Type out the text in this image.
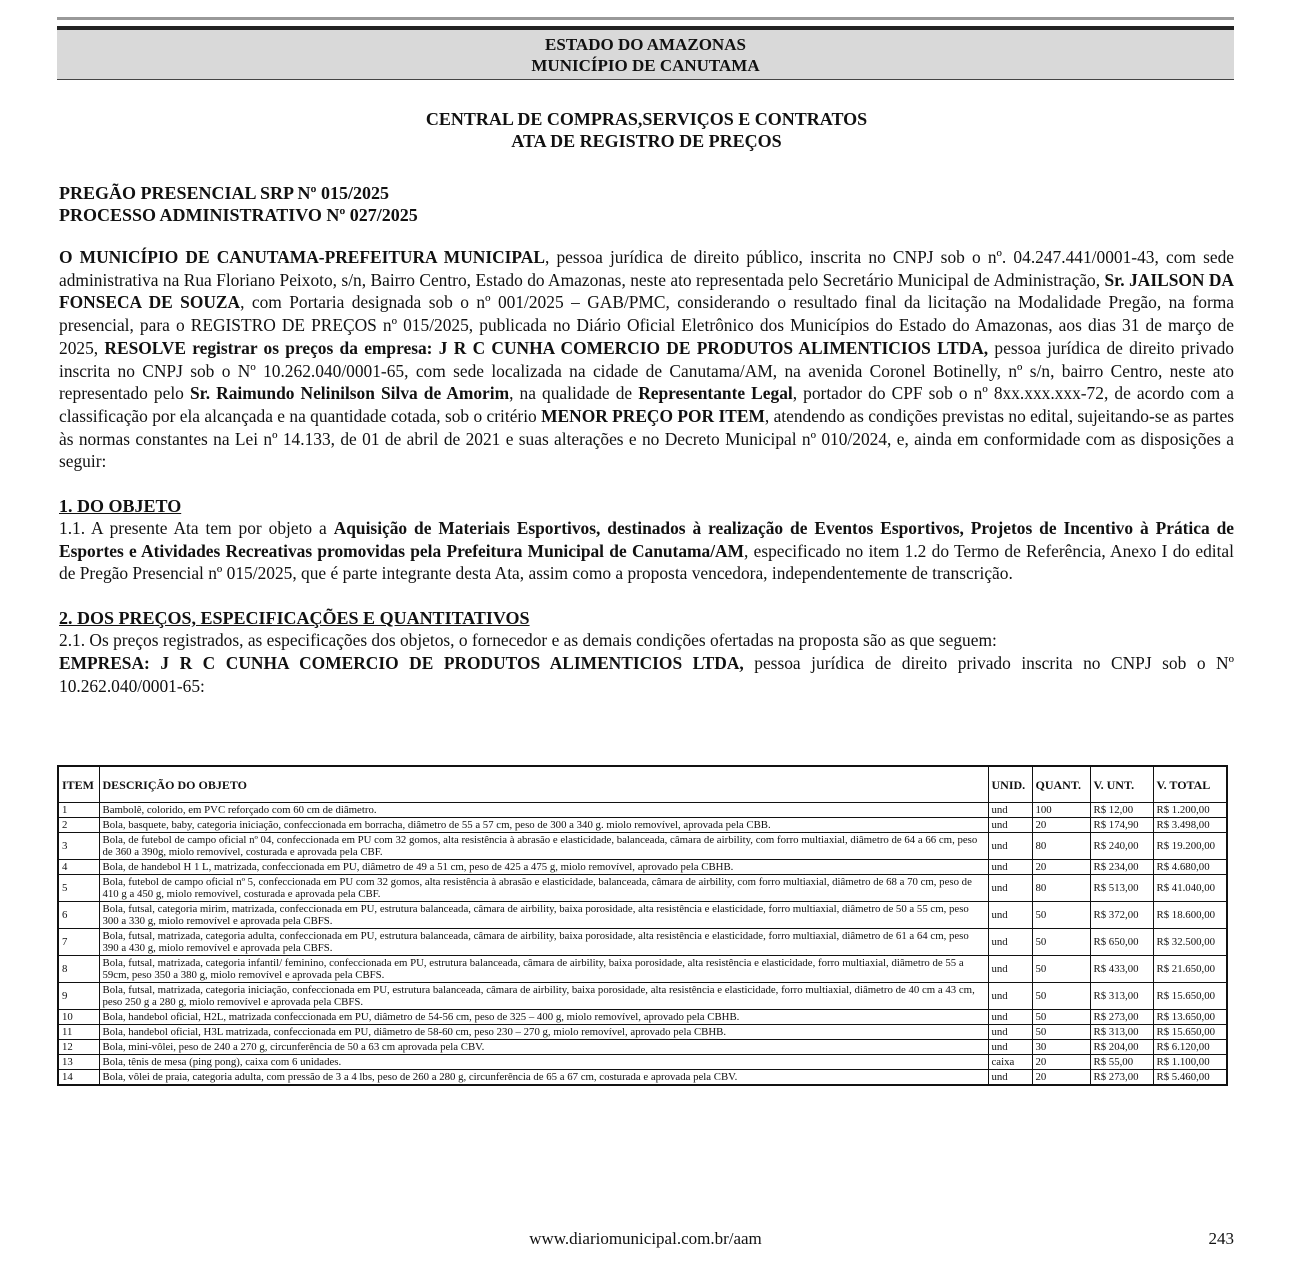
ESTADO DO AMAZONAS
MUNICÍPIO DE CANUTAMA
CENTRAL DE COMPRAS,SERVIÇOS E CONTRATOS
ATA DE REGISTRO DE PREÇOS
PREGÃO PRESENCIAL SRP Nº 015/2025
PROCESSO ADMINISTRATIVO Nº 027/2025

O MUNICÍPIO DE CANUTAMA-PREFEITURA MUNICIPAL, pessoa jurídica de direito público, inscrita no CNPJ sob o nº. 04.247.441/0001-43, com sede administrativa na Rua Floriano Peixoto, s/n, Bairro Centro, Estado do Amazonas, neste ato representada pelo Secretário Municipal de Administração, Sr. JAILSON DA FONSECA DE SOUZA, com Portaria designada sob o nº 001/2025 – GAB/PMC, considerando o resultado final da licitação na Modalidade Pregão, na forma presencial, para o REGISTRO DE PREÇOS nº 015/2025, publicada no Diário Oficial Eletrônico dos Municípios do Estado do Amazonas, aos dias 31 de março de 2025, RESOLVE registrar os preços da empresa: J R C CUNHA COMERCIO DE PRODUTOS ALIMENTICIOS LTDA, pessoa jurídica de direito privado inscrita no CNPJ sob o Nº 10.262.040/0001-65, com sede localizada na cidade de Canutama/AM, na avenida Coronel Botinelly, nº s/n, bairro Centro, neste ato representado pelo Sr. Raimundo Nelinilson Silva de Amorim, na qualidade de Representante Legal, portador do CPF sob o nº 8xx.xxx.xxx-72, de acordo com a classificação por ela alcançada e na quantidade cotada, sob o critério MENOR PREÇO POR ITEM, atendendo as condições previstas no edital, sujeitando-se as partes às normas constantes na Lei nº 14.133, de 01 de abril de 2021 e suas alterações e no Decreto Municipal nº 010/2024, e, ainda em conformidade com as disposições a seguir:

1. DO OBJETO

1.1. A presente Ata tem por objeto a Aquisição de Materiais Esportivos, destinados à realização de Eventos Esportivos, Projetos de Incentivo à Prática de Esportes e Atividades Recreativas promovidas pela Prefeitura Municipal de Canutama/AM, especificado no item 1.2 do Termo de Referência, Anexo I do edital de Pregão Presencial nº 015/2025, que é parte integrante desta Ata, assim como a proposta vencedora, independentemente de transcrição.

2. DOS PREÇOS, ESPECIFICAÇÕES E QUANTITATIVOS

2.1. Os preços registrados, as especificações dos objetos, o fornecedor e as demais condições ofertadas na proposta são as que seguem:

EMPRESA: J R C CUNHA COMERCIO DE PRODUTOS ALIMENTICIOS LTDA, pessoa jurídica de direito privado inscrita no CNPJ sob o Nº 10.262.040/0001-65:

ITEM	DESCRIÇÃO DO OBJETO	UNID.	QUANT.	V. UNT.	V. TOTAL
1	Bambolê, colorido, em PVC reforçado com 60 cm de diâmetro.	und	100	R$ 12,00	R$ 1.200,00
2	Bola, basquete, baby, categoria iniciação, confeccionada em borracha, diâmetro de 55 a 57 cm, peso de 300 a 340 g. miolo removível, aprovada pela CBB.	und	20	R$ 174,90	R$ 3.498,00
3	Bola, de futebol de campo oficial nº 04, confeccionada em PU com 32 gomos, alta resistência à abrasão e elasticidade, balanceada, câmara de airbility, com forro multiaxial, diâmetro de 64 a 66 cm, peso de 360 a 390g, miolo removível, costurada e aprovada pela CBF.	und	80	R$ 240,00	R$ 19.200,00
4	Bola, de handebol H 1 L, matrizada, confeccionada em PU, diâmetro de 49 a 51 cm, peso de 425 a 475 g, miolo removível, aprovado pela CBHB.	und	20	R$ 234,00	R$ 4.680,00
5	Bola, futebol de campo oficial nº 5, confeccionada em PU com 32 gomos, alta resistência à abrasão e elasticidade, balanceada, câmara de airbility, com forro multiaxial, diâmetro de 68 a 70 cm, peso de 410 g a 450 g, miolo removível, costurada e aprovada pela CBF.	und	80	R$ 513,00	R$ 41.040,00
6	Bola, futsal, categoria mirim, matrizada, confeccionada em PU, estrutura balanceada, câmara de airbility, baixa porosidade, alta resistência e elasticidade, forro multiaxial, diâmetro de 50 a 55 cm, peso 300 a 330 g, miolo removível e aprovada pela CBFS.	und	50	R$ 372,00	R$ 18.600,00
7	Bola, futsal, matrizada, categoria adulta, confeccionada em PU, estrutura balanceada, câmara de airbility, baixa porosidade, alta resistência e elasticidade, forro multiaxial, diâmetro de 61 a 64 cm, peso 390 a 430 g, miolo removível e aprovada pela CBFS.	und	50	R$ 650,00	R$ 32.500,00
8	Bola, futsal, matrizada, categoria infantil/ feminino, confeccionada em PU, estrutura balanceada, câmara de airbility, baixa porosidade, alta resistência e elasticidade, forro multiaxial, diâmetro de 55 a 59cm, peso 350 a 380 g, miolo removível e aprovada pela CBFS.	und	50	R$ 433,00	R$ 21.650,00
9	Bola, futsal, matrizada, categoria iniciação, confeccionada em PU, estrutura balanceada, câmara de airbility, baixa porosidade, alta resistência e elasticidade, forro multiaxial, diâmetro de 40 cm a 43 cm, peso 250 g a 280 g, miolo removível e aprovada pela CBFS.	und	50	R$ 313,00	R$ 15.650,00
10	Bola, handebol oficial, H2L, matrizada confeccionada em PU, diâmetro de 54-56 cm, peso de 325 – 400 g, miolo removível, aprovado pela CBHB.	und	50	R$ 273,00	R$ 13.650,00
11	Bola, handebol oficial, H3L matrizada, confeccionada em PU, diâmetro de 58-60 cm, peso 230 – 270 g, miolo removível, aprovado pela CBHB.	und	50	R$ 313,00	R$ 15.650,00
12	Bola, mini-vôlei, peso de 240 a 270 g, circunferência de 50 a 63 cm aprovada pela CBV.	und	30	R$ 204,00	R$ 6.120,00
13	Bola, tênis de mesa (ping pong), caixa com 6 unidades.	caixa	20	R$ 55,00	R$ 1.100,00
14	Bola, vôlei de praia, categoria adulta, com pressão de 3 a 4 lbs, peso de 260 a 280 g, circunferência de 65 a 67 cm, costurada e aprovada pela CBV.	und	20	R$ 273,00	R$ 5.460,00
www.diariomunicipal.com.br/aam	243
